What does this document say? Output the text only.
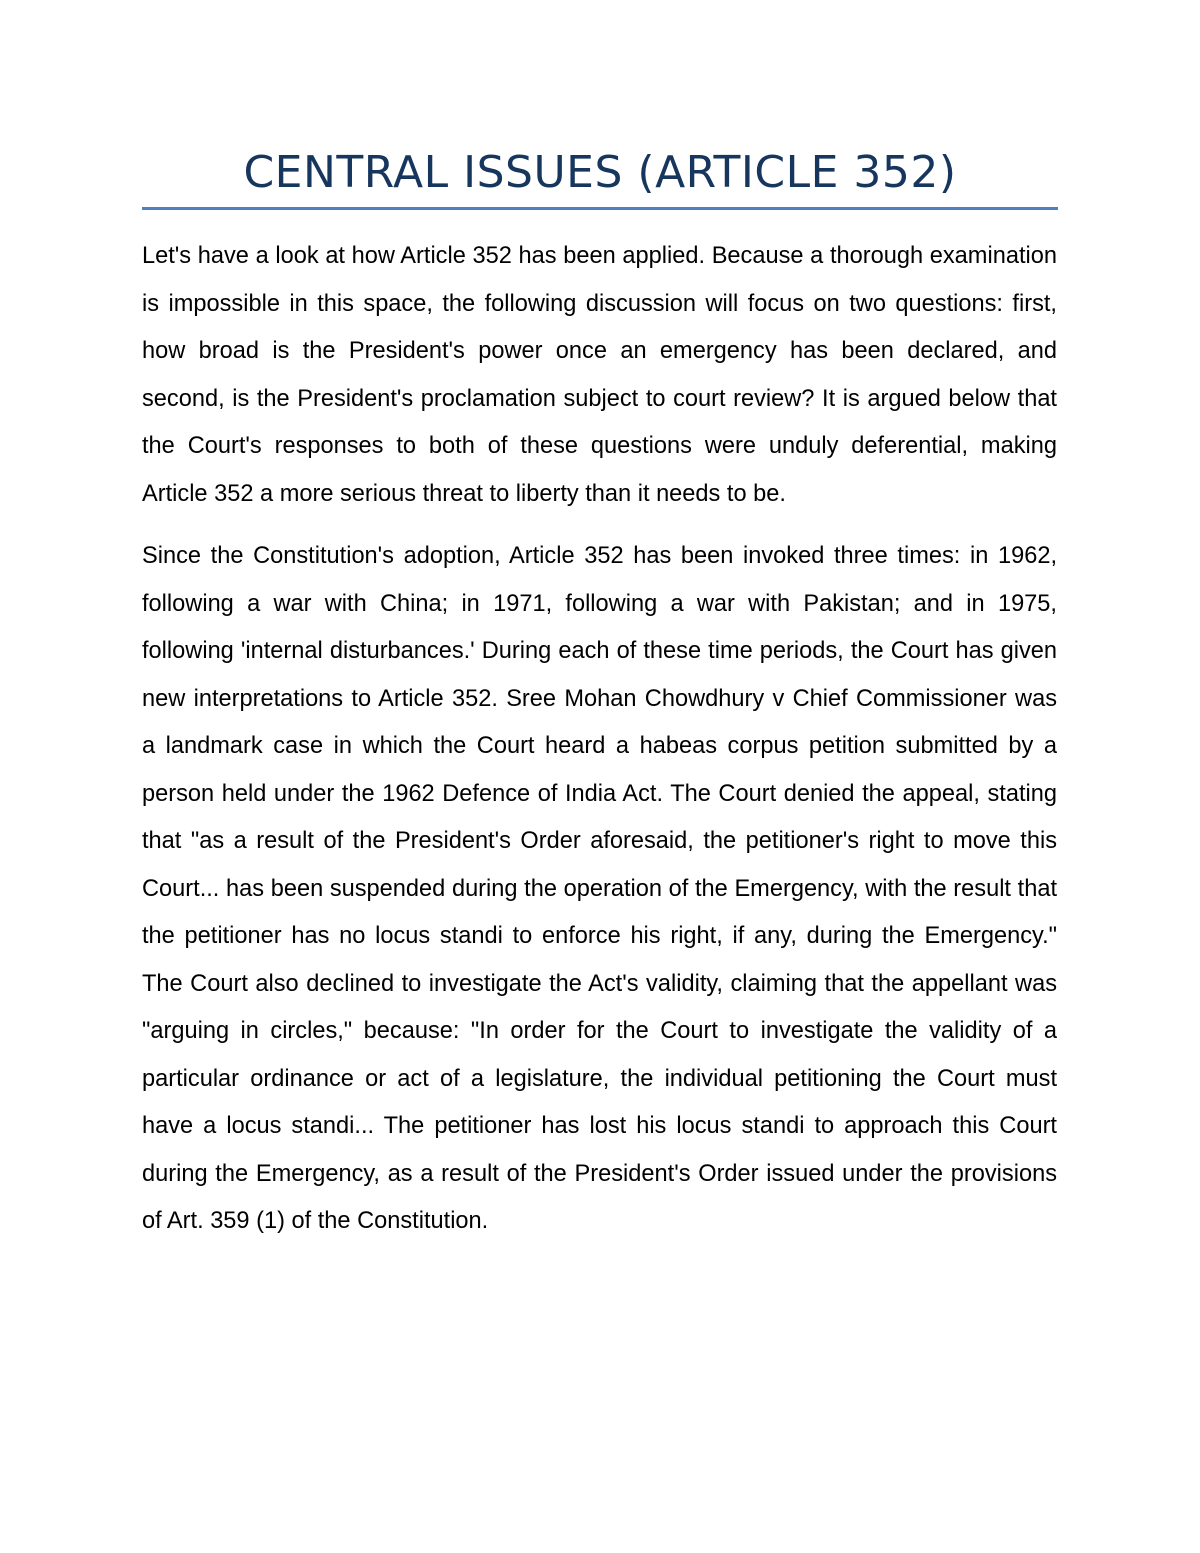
CENTRAL ISSUES (ARTICLE 352)

Let's have a look at how Article 352 has been applied. Because a thorough examination is impossible in this space, the following discussion will focus on two questions: first, how broad is the President's power once an emergency has been declared, and second, is the President's proclamation subject to court review? It is argued below that the Court's responses to both of these questions were unduly deferential, making Article 352 a more serious threat to liberty than it needs to be.

Since the Constitution's adoption, Article 352 has been invoked three times: in 1962, following a war with China; in 1971, following a war with Pakistan; and in 1975, following 'internal disturbances.' During each of these time periods, the Court has given new interpretations to Article 352. Sree Mohan Chowdhury v Chief Commissioner was a landmark case in which the Court heard a habeas corpus petition submitted by a person held under the 1962 Defence of India Act. The Court denied the appeal, stating that "as a result of the President's Order aforesaid, the petitioner's right to move this Court... has been suspended during the operation of the Emergency, with the result that the petitioner has no locus standi to enforce his right, if any, during the Emergency." The Court also declined to investigate the Act's validity, claiming that the appellant was "arguing in circles," because: "In order for the Court to investigate the validity of a particular ordinance or act of a legislature, the individual petitioning the Court must have a locus standi... The petitioner has lost his locus standi to approach this Court during the Emergency, as a result of the President's Order issued under the provisions of Art. 359 (1) of the Constitution.
